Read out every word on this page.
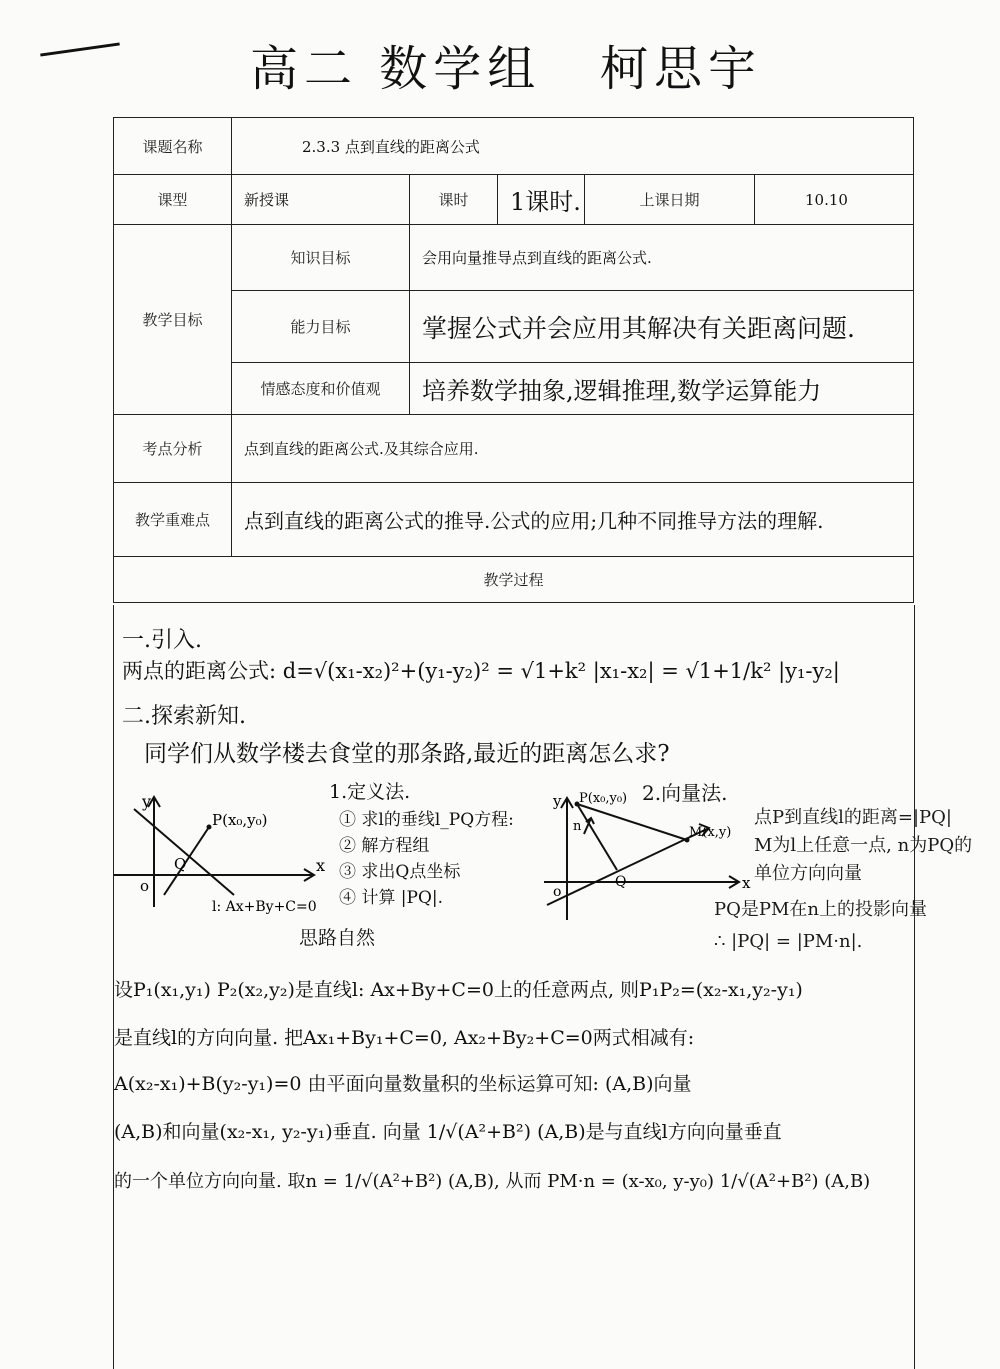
高二 数学组 柯思宇
课题名称	2.3.3 点到直线的距离公式				
课型	新授课	课时	1课时.	上课日期	10.10
教学目标	知识目标	会用向量推导点到直线的距离公式.			
	能力目标	掌握公式并会应用其解决有关距离问题.			
	情感态度和价值观	培养数学抽象,逻辑推理,数学运算能力			
考点分析	点到直线的距离公式.及其综合应用.				
教学重难点	点到直线的距离公式的推导.公式的应用;几种不同推导方法的理解.				
教学过程					
一.引入.
两点的距离公式: d=√(x₁-x₂)²+(y₁-y₂)² = √1+k² |x₁-x₂| = √1+1/k² |y₁-y₂|
二.探索新知.
同学们从数学楼去食堂的那条路,最近的距离怎么求?
y
x
o
P(x₀,y₀)
Q
l: Ax+By+C=0
1.定义法.
① 求l的垂线l_PQ方程:
② 解方程组
③ 求出Q点坐标
④ 计算 |PQ|.
思路自然
2.向量法.
y
x
o
P(x₀,y₀)
M(x,y)
Q
n	点P到直线l的距离=|PQ|
M为l上任意一点, n为PQ的
单位方向向量
PQ是PM在n上的投影向量
∴ |PQ| = |PM·n|.
设P₁(x₁,y₁) P₂(x₂,y₂)是直线l: Ax+By+C=0上的任意两点, 则P₁P₂=(x₂-x₁,y₂-y₁)
是直线l的方向向量. 把Ax₁+By₁+C=0, Ax₂+By₂+C=0两式相减有:
A(x₂-x₁)+B(y₂-y₁)=0 由平面向量数量积的坐标运算可知: (A,B)向量
(A,B)和向量(x₂-x₁, y₂-y₁)垂直. 向量 1/√(A²+B²) (A,B)是与直线l方向向量垂直
的一个单位方向向量. 取n = 1/√(A²+B²) (A,B), 从而 PM·n = (x-x₀, y-y₀) 1/√(A²+B²) (A,B)
